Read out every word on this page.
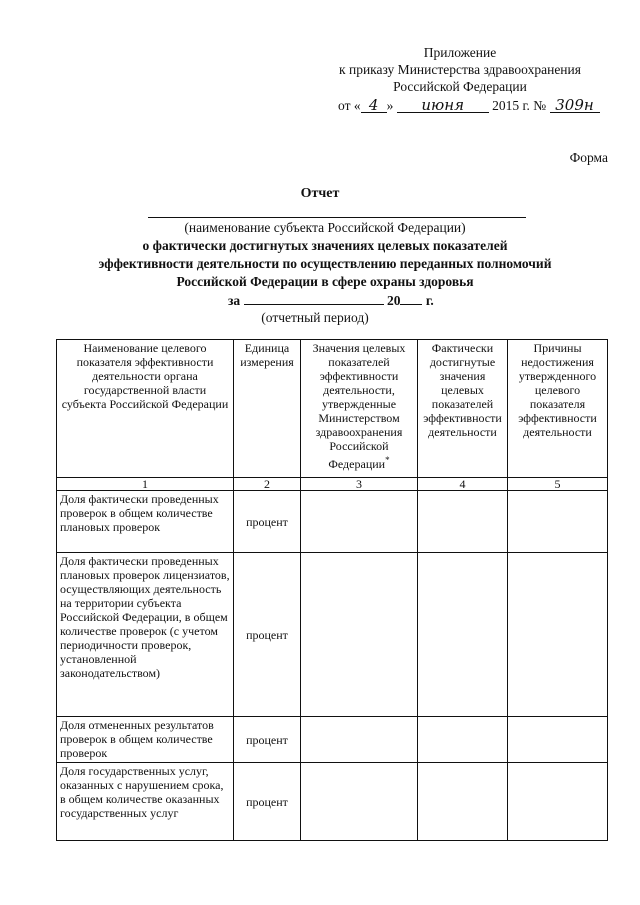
Приложение
к приказу Министерства здравоохранения
Российской Федерации
от « 4 » июня 2015 г. № 309н
Форма
Отчет
(наименование субъекта Российской Федерации)
о фактически достигнутых значениях целевых показателей
эффективности деятельности по осуществлению переданных полномочий
Российской Федерации в сфере охраны здоровья
за	20 г.
(отчетный период)
Наименование целевого показателя эффективности деятельности органа государственной власти субъекта Российской Федерации	Единица измерения	Значения целевых показателей эффективности деятельности, утвержденные Министерством здравоохранения Российской Федерации*	Фактически достигнутые значения целевых показателей эффективности деятельности	Причины недостижения утвержденного целевого показателя эффективности деятельности
1	2	3	4	5
Доля фактически проведенных проверок в общем количестве плановых проверок	процент			
Доля фактически проведенных плановых проверок лицензиатов, осуществляющих деятельность на территории субъекта Российской Федерации, в общем количестве проверок (с учетом периодичности проверок, установленной законодательством)	процент			
Доля отмененных результатов проверок в общем количестве проверок	процент			
Доля государственных услуг, оказанных с нарушением срока, в общем количестве оказанных государственных услуг	процент			
